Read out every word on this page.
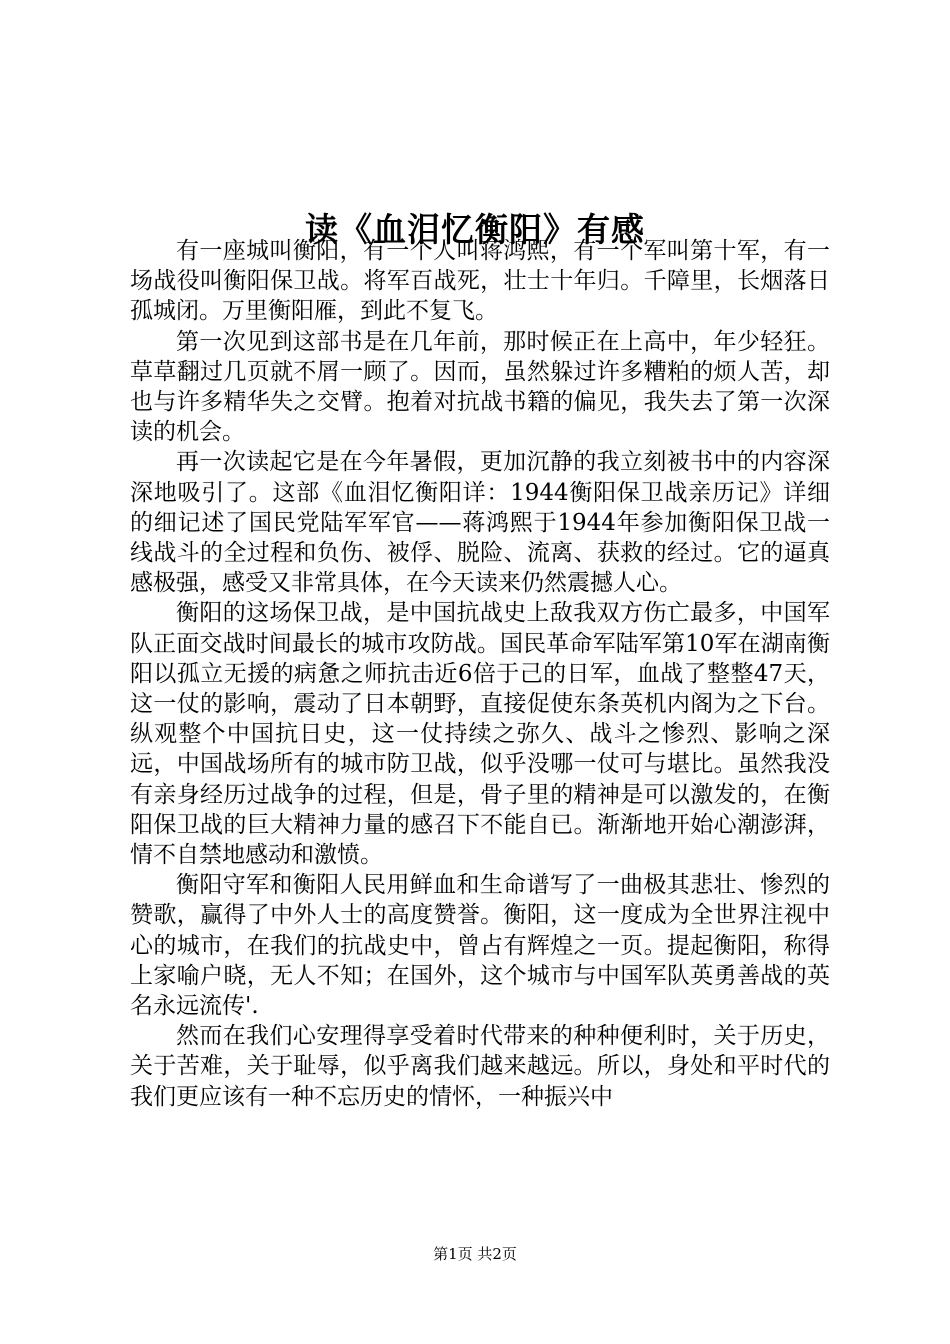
读《血泪忆衡阳》有感

有一座城叫衡阳，有一个人叫蒋鸿熙，有一个军叫第十军，有一场战役叫衡阳保卫战。将军百战死，壮士十年归。千障里，长烟落日孤城闭。万里衡阳雁，到此不复飞。

第一次见到这部书是在几年前，那时候正在上高中，年少轻狂。草草翻过几页就不屑一顾了。因而，虽然躲过许多糟粕的烦人苦，却也与许多精华失之交臂。抱着对抗战书籍的偏见，我失去了第一次深读的机会。

再一次读起它是在今年暑假，更加沉静的我立刻被书中的内容深深地吸引了。这部《血泪忆衡阳详：1944衡阳保卫战亲历记》详细的细记述了国民党陆军军官——蒋鸿熙于1944年参加衡阳保卫战一线战斗的全过程和负伤、被俘、脱险、流离、获救的经过。它的逼真感极强，感受又非常具体，在今天读来仍然震撼人心。

衡阳的这场保卫战，是中国抗战史上敌我双方伤亡最多，中国军队正面交战时间最长的城市攻防战。国民革命军陆军第10军在湖南衡阳以孤立无援的病惫之师抗击近6倍于己的日军，血战了整整47天，这一仗的影响，震动了日本朝野，直接促使东条英机内阁为之下台。纵观整个中国抗日史，这一仗持续之弥久、战斗之惨烈、影响之深远，中国战场所有的城市防卫战，似乎没哪一仗可与堪比。虽然我没有亲身经历过战争的过程，但是，骨子里的精神是可以激发的，在衡阳保卫战的巨大精神力量的感召下不能自已。渐渐地开始心潮澎湃，情不自禁地感动和激愤。

衡阳守军和衡阳人民用鲜血和生命谱写了一曲极其悲壮、惨烈的赞歌，赢得了中外人士的高度赞誉。衡阳，这一度成为全世界注视中心的城市，在我们的抗战史中，曾占有辉煌之一页。提起衡阳，称得上家喻户晓，无人不知；在国外，这个城市与中国军队英勇善战的英名永远流传'.

然而在我们心安理得享受着时代带来的种种便利时，关于历史，关于苦难，关于耻辱，似乎离我们越来越远。所以，身处和平时代的我们更应该有一种不忘历史的情怀，一种振兴中

第1页 共2页
